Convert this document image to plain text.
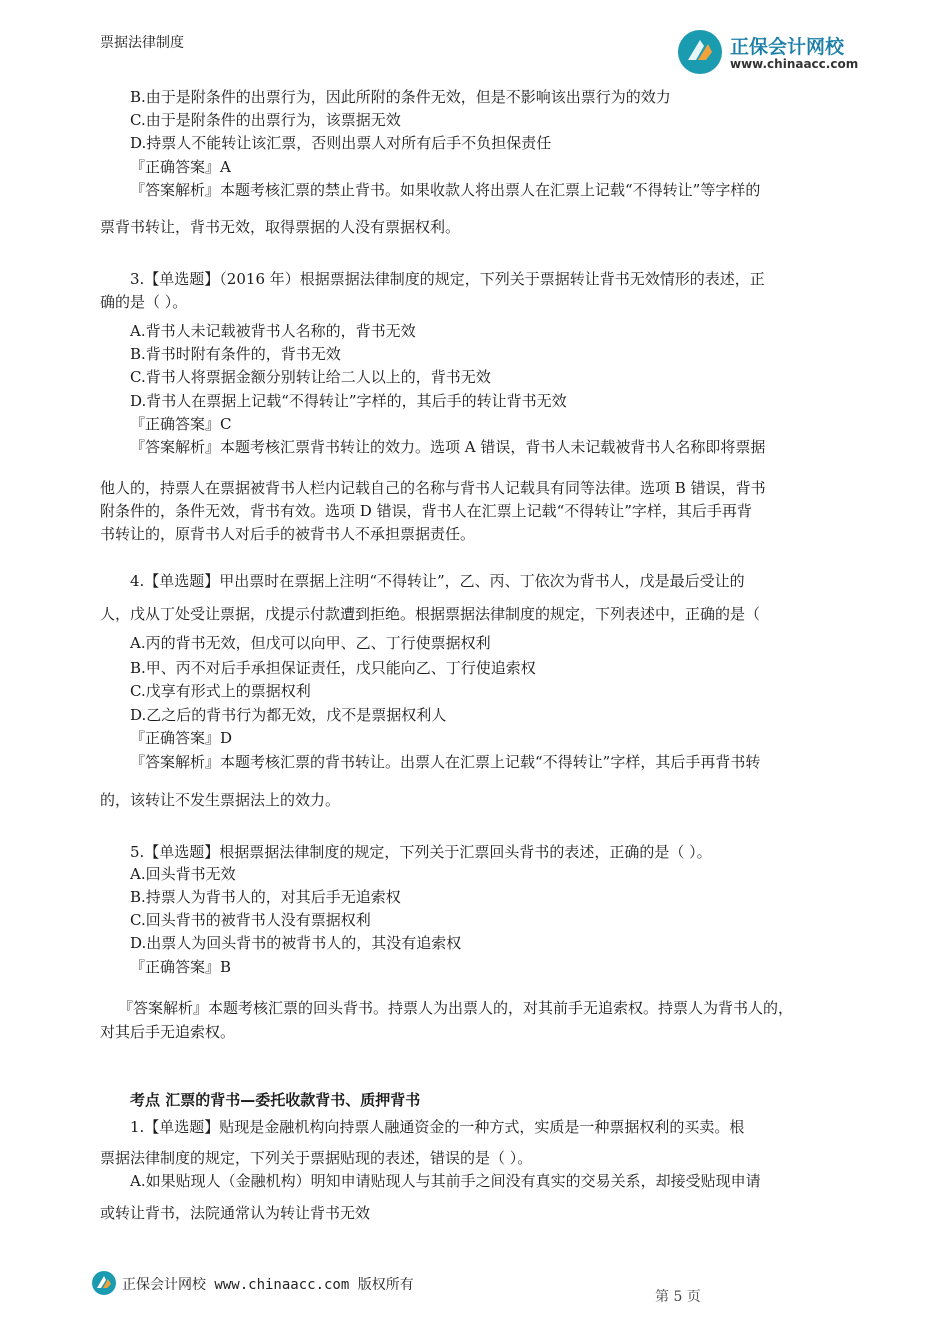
票据法律制度	正保会计网校
www.chinaacc.com
B.由于是附条件的出票行为，因此所附的条件无效，但是不影响该出票行为的效力
C.由于是附条件的出票行为，该票据无效
D.持票人不能转让该汇票，否则出票人对所有后手不负担保责任
『正确答案』A
『答案解析』本题考核汇票的禁止背书。如果收款人将出票人在汇票上记载“不得转让”等字样的
票背书转让，背书无效，取得票据的人没有票据权利。
3.【单选题】（2016 年）根据票据法律制度的规定，下列关于票据转让背书无效情形的表述，正
确的是（ ）。
A.背书人未记载被背书人名称的，背书无效
B.背书时附有条件的，背书无效
C.背书人将票据金额分别转让给二人以上的，背书无效
D.背书人在票据上记载“不得转让”字样的，其后手的转让背书无效
『正确答案』C
『答案解析』本题考核汇票背书转让的效力。选项 A 错误，背书人未记载被背书人名称即将票据
他人的，持票人在票据被背书人栏内记载自己的名称与背书人记载具有同等法律。选项 B 错误，背书
附条件的，条件无效，背书有效。选项 D 错误，背书人在汇票上记载“不得转让”字样，其后手再背
书转让的，原背书人对后手的被背书人不承担票据责任。
4.【单选题】甲出票时在票据上注明“不得转让”，乙、丙、丁依次为背书人，戊是最后受让的
人，戊从丁处受让票据，戊提示付款遭到拒绝。根据票据法律制度的规定，下列表述中，正确的是（
A.丙的背书无效，但戊可以向甲、乙、丁行使票据权利
B.甲、丙不对后手承担保证责任，戊只能向乙、丁行使追索权
C.戊享有形式上的票据权利
D.乙之后的背书行为都无效，戊不是票据权利人
『正确答案』D
『答案解析』本题考核汇票的背书转让。出票人在汇票上记载“不得转让”字样，其后手再背书转
的，该转让不发生票据法上的效力。
5.【单选题】根据票据法律制度的规定，下列关于汇票回头背书的表述，正确的是（ ）。
A.回头背书无效
B.持票人为背书人的，对其后手无追索权
C.回头背书的被背书人没有票据权利
D.出票人为回头背书的被背书人的，其没有追索权
『正确答案』B
『答案解析』本题考核汇票的回头背书。持票人为出票人的，对其前手无追索权。持票人为背书人的，
对其后手无追索权。
考点 汇票的背书—委托收款背书、质押背书
1.【单选题】贴现是金融机构向持票人融通资金的一种方式，实质是一种票据权利的买卖。根
票据法律制度的规定，下列关于票据贴现的表述，错误的是（ ）。
A.如果贴现人（金融机构）明知申请贴现人与其前手之间没有真实的交易关系，却接受贴现申请
或转让背书，法院通常认为转让背书无效
正保会计网校 www.chinaacc.com 版权所有
第 5 页
